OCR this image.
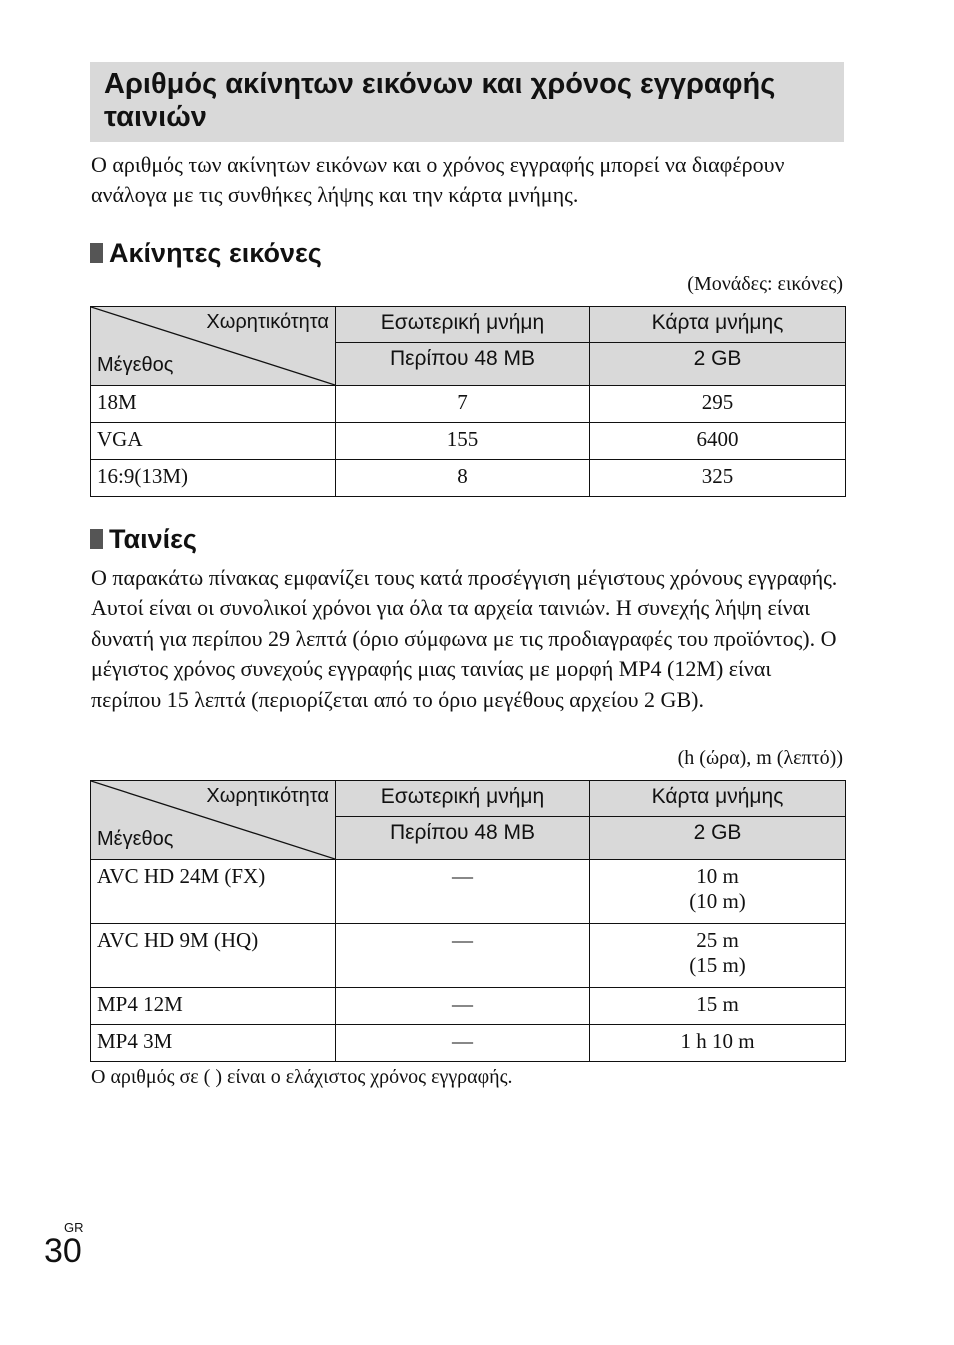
Αριθμός ακίνητων εικόνων και χρόνος εγγραφής ταινιών

Ο αριθμός των ακίνητων εικόνων και ο χρόνος εγγραφής μπορεί να διαφέρουν ανάλογα με τις συνθήκες λήψης και την κάρτα μνήμης.

Ακίνητες εικόνες
(Μονάδες: εικόνες)
Χωρητικότητα
Μέγεθος	Εσωτερική μνήμη	Κάρτα μνήμης
	Περίπου 48 MB	2 GB
18M	7	295
VGA	155	6400
16:9(13M)	8	325
Ταινίες

Ο παρακάτω πίνακας εμφανίζει τους κατά προσέγγιση μέγιστους χρόνους εγγραφής. Αυτοί είναι οι συνολικοί χρόνοι για όλα τα αρχεία ταινιών. Η συνεχής λήψη είναι δυνατή για περίπου 29 λεπτά (όριο σύμφωνα με τις προδιαγραφές του προϊόντος). Ο μέγιστος χρόνος συνεχούς εγγραφής μιας ταινίας με μορφή MP4 (12M) είναι περίπου 15 λεπτά (περιορίζεται από το όριο μεγέθους αρχείου 2 GB).

(h (ώρα), m (λεπτό))
Χωρητικότητα
Μέγεθος	Εσωτερική μνήμη	Κάρτα μνήμης
	Περίπου 48 MB	2 GB
AVC HD 24M (FX)	—	10 m
(10 m)

AVC HD 9M (HQ)	—	25 m
(15 m)

MP4 12M	—	15 m
MP4 3M	—	1 h 10 m

Ο αριθμός σε ( ) είναι ο ελάχιστος χρόνος εγγραφής.

GR
30
